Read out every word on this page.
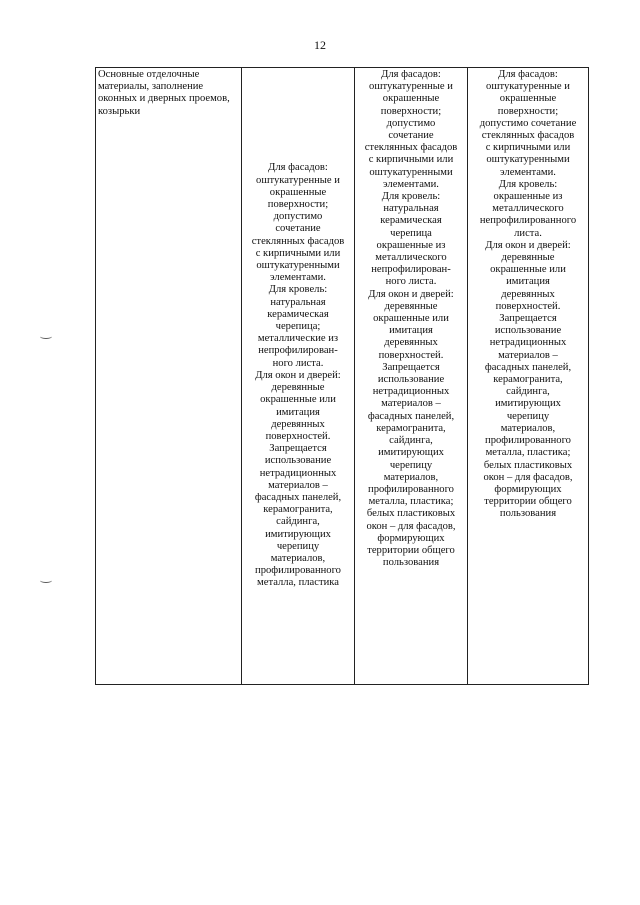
12
Основные отделочные материалы, заполнение оконных и дверных проемов, козырьки	Для фасадов:
оштукатуренные и
окрашенные
поверхности;
допустимо
сочетание
стеклянных фасадов
с кирпичными или
оштукатуренными
элементами.
Для кровель:
натуральная
керамическая
черепица;
металлические из
непрофилирован-
ного листа.
Для окон и дверей:
деревянные
окрашенные или
имитация
деревянных
поверхностей.
Запрещается
использование
нетрадиционных
материалов –
фасадных панелей,
керамогранита,
сайдинга,
имитирующих
черепицу
материалов,
профилированного
металла, пластика	Для фасадов:
оштукатуренные и
окрашенные
поверхности;
допустимо
сочетание
стеклянных фасадов
с кирпичными или
оштукатуренными
элементами.
Для кровель:
натуральная
керамическая
черепица
окрашенные из
металлического
непрофилирован-
ного листа.
Для окон и дверей:
деревянные
окрашенные или
имитация
деревянных
поверхностей.
Запрещается
использование
нетрадиционных
материалов –
фасадных панелей,
керамогранита,
сайдинга,
имитирующих
черепицу
материалов,
профилированного
металла, пластика;
белых пластиковых
окон – для фасадов,
формирующих
территории общего
пользования	Для фасадов:
оштукатуренные и
окрашенные
поверхности;
допустимо сочетание
стеклянных фасадов
с кирпичными или
оштукатуренными
элементами.
Для кровель:
окрашенные из
металлического
непрофилированного
листа.
Для окон и дверей:
деревянные
окрашенные или
имитация
деревянных
поверхностей.
Запрещается
использование
нетрадиционных
материалов –
фасадных панелей,
керамогранита,
сайдинга,
имитирующих
черепицу
материалов,
профилированного
металла, пластика;
белых пластиковых
окон – для фасадов,
формирующих
территории общего
пользования
